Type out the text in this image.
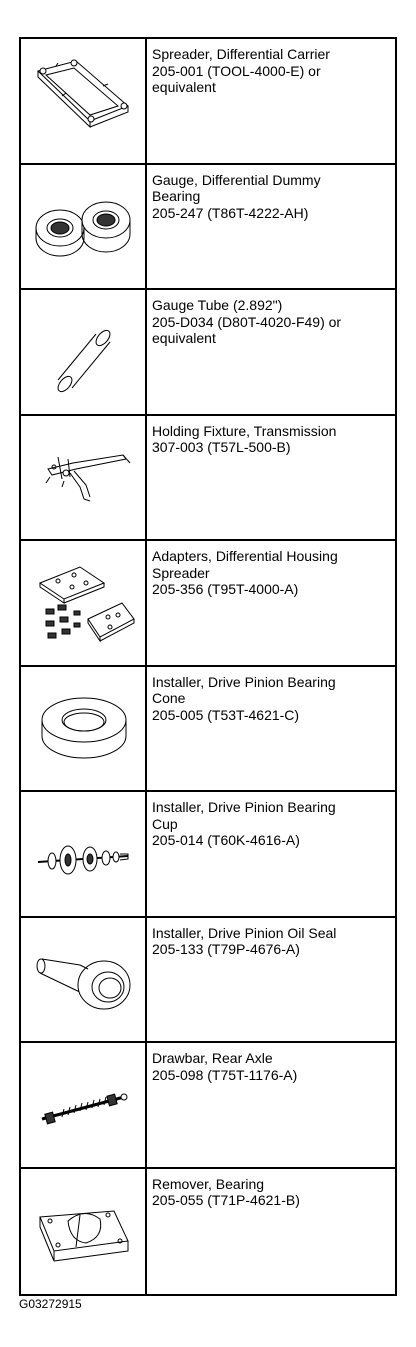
Spreader, Differential Carrier
205-001 (TOOL-4000-E) or
equivalent
Gauge, Differential Dummy
Bearing
205-247 (T86T-4222-AH)
Gauge Tube (2.892")
205-D034 (D80T-4020-F49) or
equivalent
Holding Fixture, Transmission
307-003 (T57L-500-B)
Adapters, Differential Housing
Spreader
205-356 (T95T-4000-A)
Installer, Drive Pinion Bearing
Cone
205-005 (T53T-4621-C)
Installer, Drive Pinion Bearing
Cup
205-014 (T60K-4616-A)
Installer, Drive Pinion Oil Seal
205-133 (T79P-4676-A)
Drawbar, Rear Axle
205-098 (T75T-1176-A)
Remover, Bearing
205-055 (T71P-4621-B)
G03272915
